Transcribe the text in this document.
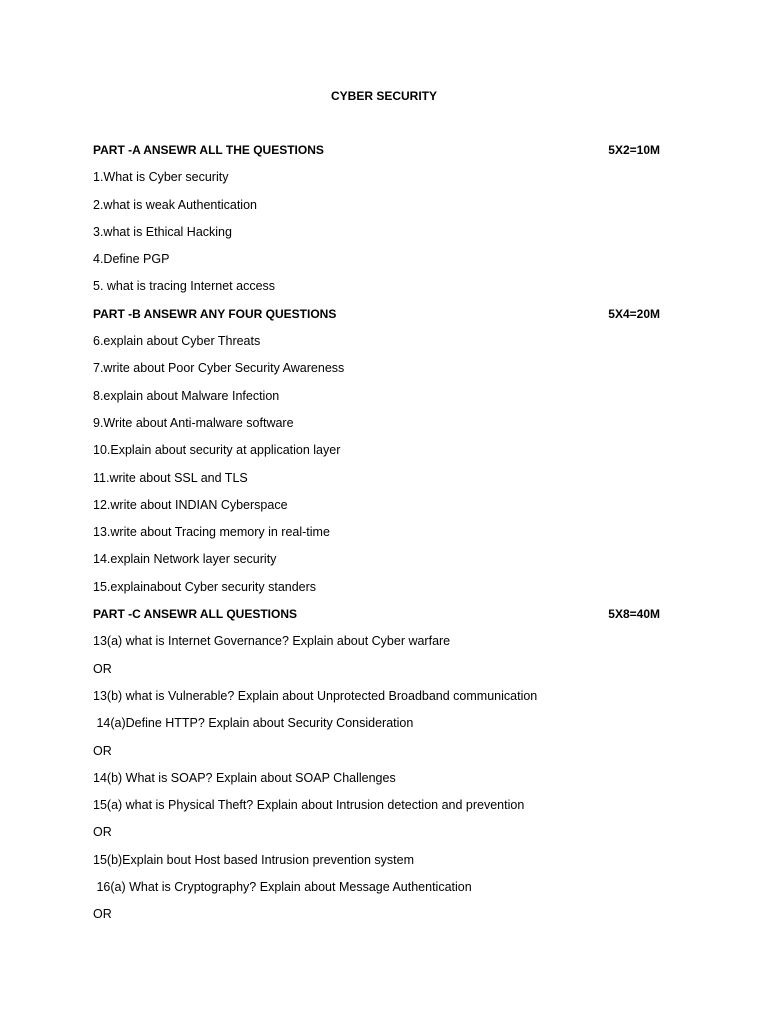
CYBER SECURITY
PART -A ANSEWR ALL THE QUESTIONS	5X2=10M
1.What is Cyber security
2.what is weak Authentication
3.what is Ethical Hacking
4.Define PGP
5. what is tracing Internet access
PART -B ANSEWR ANY FOUR QUESTIONS	5X4=20M
6.explain about Cyber Threats
7.write about Poor Cyber Security Awareness
8.explain about Malware Infection
9.Write about Anti-malware software
10.Explain about security at application layer
11.write about SSL and TLS
12.write about INDIAN Cyberspace
13.write about Tracing memory in real-time
14.explain Network layer security
15.explainabout Cyber security standers
PART -C ANSEWR ALL QUESTIONS	5X8=40M
13(a) what is Internet Governance? Explain about Cyber warfare
OR
13(b) what is Vulnerable? Explain about Unprotected Broadband communication
14(a)Define HTTP? Explain about Security Consideration
OR
14(b) What is SOAP? Explain about SOAP Challenges
15(a) what is Physical Theft? Explain about Intrusion detection and prevention
OR
15(b)Explain bout Host based Intrusion prevention system
16(a) What is Cryptography? Explain about Message Authentication
OR
